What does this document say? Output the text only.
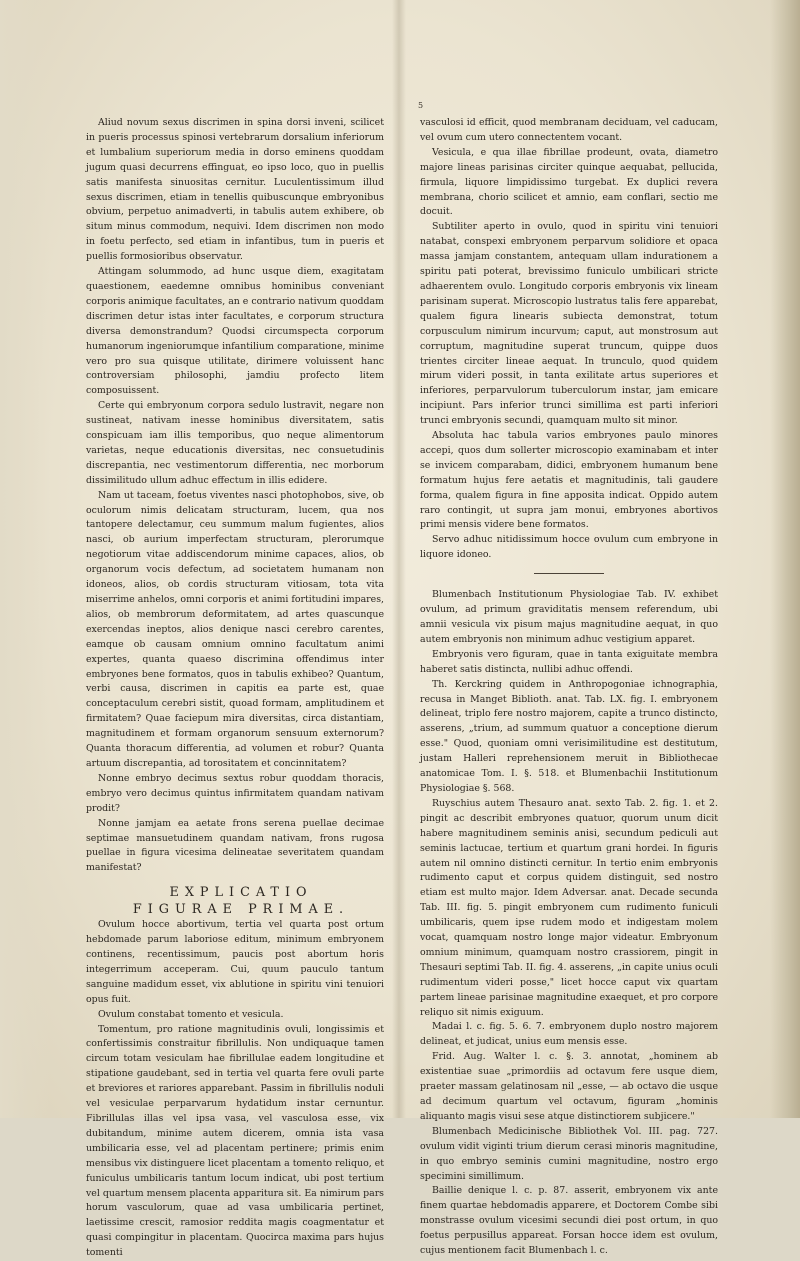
5

Aliud novum sexus discrimen in spina dorsi inveni, scilicet in pueris processus spinosi vertebrarum dorsalium inferiorum et lumbalium superiorum media in dorso eminens quoddam jugum quasi decurrens effinguat, eo ipso loco, quo in puellis satis manifesta sinuositas cernitur. Luculentissimum illud sexus discrimen, etiam in tenellis quibuscunque embryonibus obvium, perpetuo animadverti, in tabulis autem exhibere, ob situm minus commodum, nequivi. Idem discrimen non modo in foetu perfecto, sed etiam in infantibus, tum in pueris et puellis formosioribus observatur.

Attingam solummodo, ad hunc usque diem, exagitatam quaestionem, eaedemne omnibus hominibus conveniant corporis animique facultates, an e contrario nativum quoddam discrimen detur istas inter facultates, e corporum structura diversa demonstrandum? Quodsi circumspecta corporum humanorum ingeniorumque infantilium comparatione, minime vero pro sua quisque utilitate, dirimere voluissent hanc controversiam philosophi, jamdiu profecto litem composuissent.

Certe qui embryonum corpora sedulo lustravit, negare non sustineat, nativam inesse hominibus diversitatem, satis conspicuam iam illis temporibus, quo neque alimentorum varietas, neque educationis diversitas, nec consuetudinis discrepantia, nec vestimentorum differentia, nec morborum dissimilitudo ullum adhuc effectum in illis ediderе.

Nam ut taceam, foetus viventes nasci photophobos, sive, ob oculorum nimis delicatam structuram, lucem, qua nos tantopere delectamur, ceu summum malum fugientes, alios nasci, ob aurium imperfectam structuram, plerorumque negotiorum vitae addiscendorum minime capaces, alios, ob organorum vocis defectum, ad societatem humanam non idoneos, alios, ob cordis structuram vitiosam, tota vita miserrime anhelos, omni corporis et animi fortitudini impares, alios, ob membrorum deformitatem, ad artes quascunque exercendas ineptos, alios denique nasci cerebro carentes, eamque ob causam omnium omnino facultatum animi expertes, quanta quaeso discrimina offendimus inter embryones bene formatos, quos in tabulis exhibeo? Quantum, verbi causa, discrimen in capitis ea parte est, quae conceptaculum cerebri sistit, quoad formam, amplitudinem et firmitatem? Quae faciерum mira diversitas, circa distantiam, magnitudinem et formam organorum sensuum externorum? Quanta thoracum differentia, ad volumen et robur? Quanta artuum discrepantia, ad torositatem et concinnitatem?

Nonne embryo decimus sextus robur quoddam thoracis, embryo vero decimus quintus infirmitatem quandam nativam prodit?

Nonne jamjam ea aetate frons serena puellae decimae septimae mansuetudinem quandam nativam, frons rugosa puellae in figura vicesima delineatae severitatem quandam manifestat?

EXPLICATIO

FIGURAE PRIMAE.

Ovulum hocce abortivum, tertia vel quarta post ortum hebdomade parum laboriose editum, minimum embryonem continens, recentissimum, paucis post abortum horis integerrimum acceperam. Cui, quum pauculo tantum sanguine madidum esset, vix ablutione in spiritu vini tenuiori opus fuit.

Ovulum constabat tomento et vesicula.

Tomentum, pro ratione magnitudinis ovuli, longissimis et confertissimis constraitur fibrillulis. Non undiquaque tamen circum totam vesiculam hae fibrillulae eadem longitudine et stipatione gaudebant, sed in tertia vel quarta fere ovuli parte et breviores et rariores apparebant. Passim in fibrillulis noduli vel vesiculae perparvarum hydatidum instar cernuntur. Fibrillulas illas vel ipsa vasa, vel vasculosa esse, vix dubitandum, minime autem dicerem, omnia ista vasa umbilicaria esse, vel ad placentam pertinere; primis enim mensibus vix distinguere licet placentam a tomento reliquo, et funiculus umbilicaris tantum locum indicat, ubi post tertium vel quartum mensem placenta apparitura sit. Ea nimirum pars horum vasculorum, quae ad vasa umbilicaria pertinet, laetissime crescit, ramosior reddita magis coagmentatur et quasi compingitur in placentam. Quocirca maxima pars hujus tomenti

vasculosi id efficit, quod membranam deciduam, vel caducam, vel ovum cum utero connectentem vocant.

Vesicula, e qua illae fibrillae prodeunt, ovata, diametro majore lineas parisinas circiter quinque aequabat, pellucida, firmula, liquore limpidissimo turgebat. Ex duplici revera membrana, chorio scilicet et amnio, eam conflari, sectio me docuit.

Subtiliter aperto in ovulo, quod in spiritu vini tenuiori natabat, conspexi embryonem perparvum solidiore et opaca massa jamjam constantem, antequam ullam indurationem a spiritu pati poterat, brevissimo funiculo umbilicari stricte adhaerentem ovulo. Longitudo corporis embryonis vix lineam parisinam superat. Microscopio lustratus talis fere apparebat, qualem figura linearis subiecta demonstrat, totum corpusculum nimirum incurvum; caput, aut monstrosum aut corruptum, magnitudine superat truncum, quippe duos trientes circiter lineae aequat. In trunculo, quod quidem mirum videri possit, in tanta exilitate artus superiores et inferiores, perparvulorum tuberculorum instar, jam emicare incipiunt. Pars inferior trunci simillima est parti inferiori trunci embryonis secundi, quamquam multo sit minor.

Absoluta hac tabula varios embryones paulo minores accepi, quos dum sollerter microscopio examinabam et inter se invicem comparabam, didici, embryonem humanum bene formatum hujus fere aetatis et magnitudinis, tali gaudere forma, qualem figura in fine apposita indicat. Oppido autem raro contingit, ut supra jam monui, embryones abortivos primi mensis videre bene formatos.

Servo adhuc nitidissimum hocce ovulum cum embryone in liquore idoneo.

Blumenbach Institutionum Physiologiae Tab. IV. exhibet ovulum, ad primum graviditatis mensem referendum, ubi amnii vesicula vix pisum majus magnitudine aequat, in quo autem embryonis non minimum adhuc vestigium apparet.

Embryonis vero figuram, quae in tanta exiguitate membra haberet satis distincta, nullibi adhuc offendi.

Th. Kerckring quidem in Anthropogoniae ichnographia, recusa in Manget Biblioth. anat. Tab. LX. fig. I. embryonem delineat, triplo fere nostro majorem, capite a trunco distincto, asserens, „trium, ad summum quatuor a conceptione dierum esse." Quod, quoniam omni verisimilitudine est destitutum, justam Halleri reprehensionem meruit in Bibliothecae anatomicae Tom. I. §. 518. et Blumenbachii Institutionum Physiologiae §. 568.

Ruyschius autem Thesauro anat. sexto Tab. 2. fig. 1. et 2. pingit ac describit embryones quatuor, quorum unum dicit habere magnitudinem seminis anisi, secundum pediculi aut seminis lactucae, tertium et quartum grani hordei. In figuris autem nil omnino distincti cernitur. In tertio enim embryonis rudimento caput et corpus quidem distinguit, sed nostro etiam est multo major. Idem Adversar. anat. Decade secunda Tab. III. fig. 5. pingit embryonem cum rudimento funiculi umbilicaris, quem ipse rudem modo et indigestam molem vocat, quamquam nostro longe major videatur. Embryonum omnium minimum, quamquam nostro crassiorem, pingit in Thesauri septimi Tab. II. fig. 4. asserens, „in capite unius oculi rudimentum videri posse," licet hocce caput vix quartam partem lineae parisinae magnitudine exaequet, et pro corpore reliquo sit nimis exiguum.

Madai l. c. fig. 5. 6. 7. embryonem duplo nostro majorem delineat, et judicat, unius eum mensis esse.

Frid. Aug. Walter l. c. §. 3. annotat, „hominem ab existentiae suae „primordiis ad octavum fere usque diem, praeter massam gelatinosam nil „esse, — ab octavo die usque ad decimum quartum vel octavum, figuram „hominis aliquanto magis visui sese atque distinctiorem subjicere."

Blumenbach Medicinische Bibliothek Vol. III. pag. 727. ovulum vidit viginti trium dierum cerasi minoris magnitudine, in quo embryo seminis cumini magnitudine, nostro ergo specimini simillimum.

Baillie denique l. c. p. 87. asserit, embryonem vix ante finem quartae hebdomadis apparere, et Doctorem Combe sibi monstrasse ovulum vicesimi secundi diei post ortum, in quo foetus perpusillus appareat. Forsan hocce idem est ovulum, cujus mentionem facit Blumenbach l. c.
